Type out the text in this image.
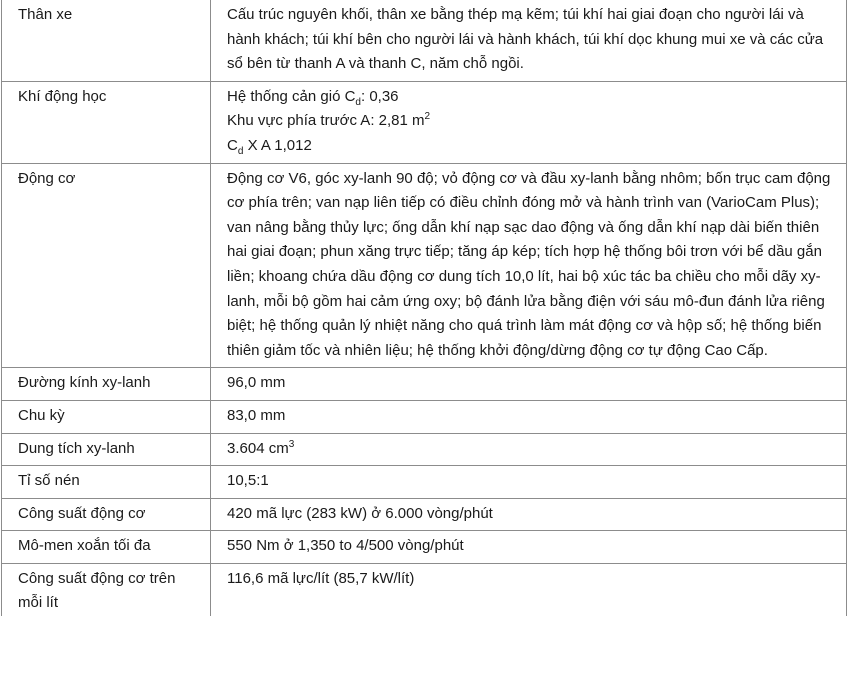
Thân xe	Cấu trúc nguyên khối, thân xe bằng thép mạ kẽm; túi khí hai giai đoạn cho người lái và hành khách; túi khí bên cho người lái và hành khách, túi khí dọc khung mui xe và các cửa sổ bên từ thanh A và thanh C, năm chỗ ngồi.
Khí động học	Hệ thống cản gió $C_d$: 0,36
Khu vực phía trước A: 2,81 $m^2$
$C_d$ X A 1,012

Động cơ	Động cơ V6, góc xy-lanh 90 độ; vỏ động cơ và đầu xy-lanh bằng nhôm; bốn trục cam động cơ phía trên; van nạp liên tiếp có điều chỉnh đóng mở và hành trình van (VarioCam Plus); van nâng bằng thủy lực; ống dẫn khí nạp sạc dao động và ống dẫn khí nạp dài biến thiên hai giai đoạn; phun xăng trực tiếp; tăng áp kép; tích hợp hệ thống bôi trơn với bể dầu gắn liền; khoang chứa dầu động cơ dung tích 10,0 lít, hai bộ xúc tác ba chiều cho mỗi dãy xy-lanh, mỗi bộ gồm hai cảm ứng oxy; bộ đánh lửa bằng điện với sáu mô-đun đánh lửa riêng biệt; hệ thống quản lý nhiệt năng cho quá trình làm mát động cơ và hộp số; hệ thống biến thiên giảm tốc và nhiên liệu; hệ thống khởi động/dừng động cơ tự động Cao Cấp.
Đường kính xy-lanh	96,0 mm
Chu kỳ	83,0 mm
Dung tích xy-lanh	3.604 $cm^3$
Tỉ số nén	10,5:1
Công suất động cơ	420 mã lực (283 kW) ở 6.000 vòng/phút
Mô-men xoắn tối đa	550 Nm ở 1,350 to 4/500 vòng/phút
Công suất động cơ trên mỗi lít	116,6 mã lực/lít (85,7 kW/lít)
